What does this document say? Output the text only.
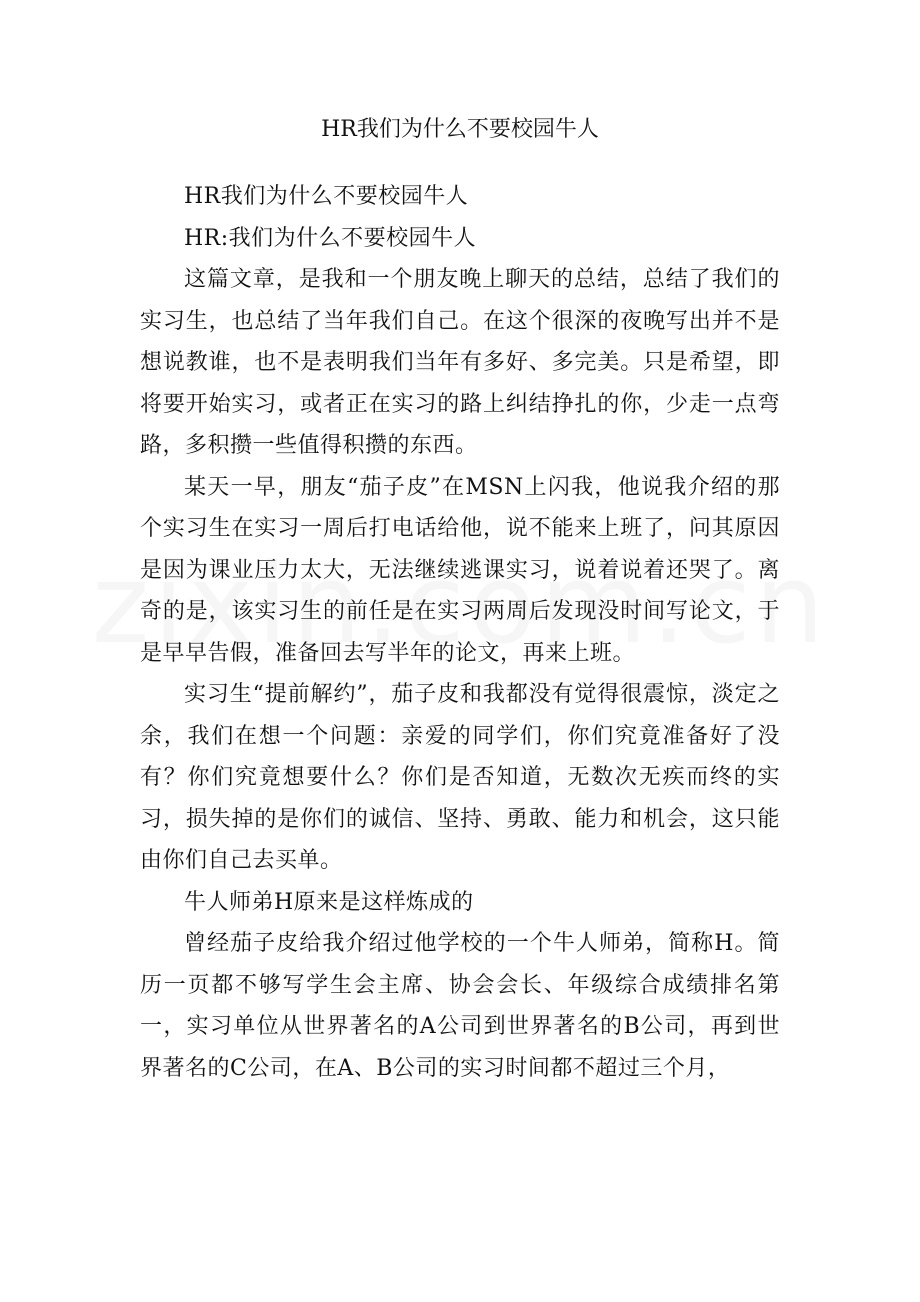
HR我们为什么不要校园牛人

HR我们为什么不要校园牛人

HR:我们为什么不要校园牛人

这篇文章，是我和一个朋友晚上聊天的总结，总结了我们的实习生，也总结了当年我们自己。在这个很深的夜晚写出并不是想说教谁，也不是表明我们当年有多好、多完美。只是希望，即将要开始实习，或者正在实习的路上纠结挣扎的你，少走一点弯路，多积攒一些值得积攒的东西。

某天一早，朋友“茄子皮”在MSN上闪我，他说我介绍的那个实习生在实习一周后打电话给他，说不能来上班了，问其原因是因为课业压力太大，无法继续逃课实习，说着说着还哭了。离奇的是，该实习生的前任是在实习两周后发现没时间写论文，于是早早告假，准备回去写半年的论文，再来上班。

实习生“提前解约”，茄子皮和我都没有觉得很震惊，淡定之余，我们在想一个问题：亲爱的同学们，你们究竟准备好了没有？你们究竟想要什么？你们是否知道，无数次无疾而终的实习，损失掉的是你们的诚信、坚持、勇敢、能力和机会，这只能由你们自己去买单。

牛人师弟H原来是这样炼成的

曾经茄子皮给我介绍过他学校的一个牛人师弟，简称H。简历一页都不够写学生会主席、协会会长、年级综合成绩排名第一，实习单位从世界著名的A公司到世界著名的B公司，再到世界著名的C公司，在A、B公司的实习时间都不超过三个月，
